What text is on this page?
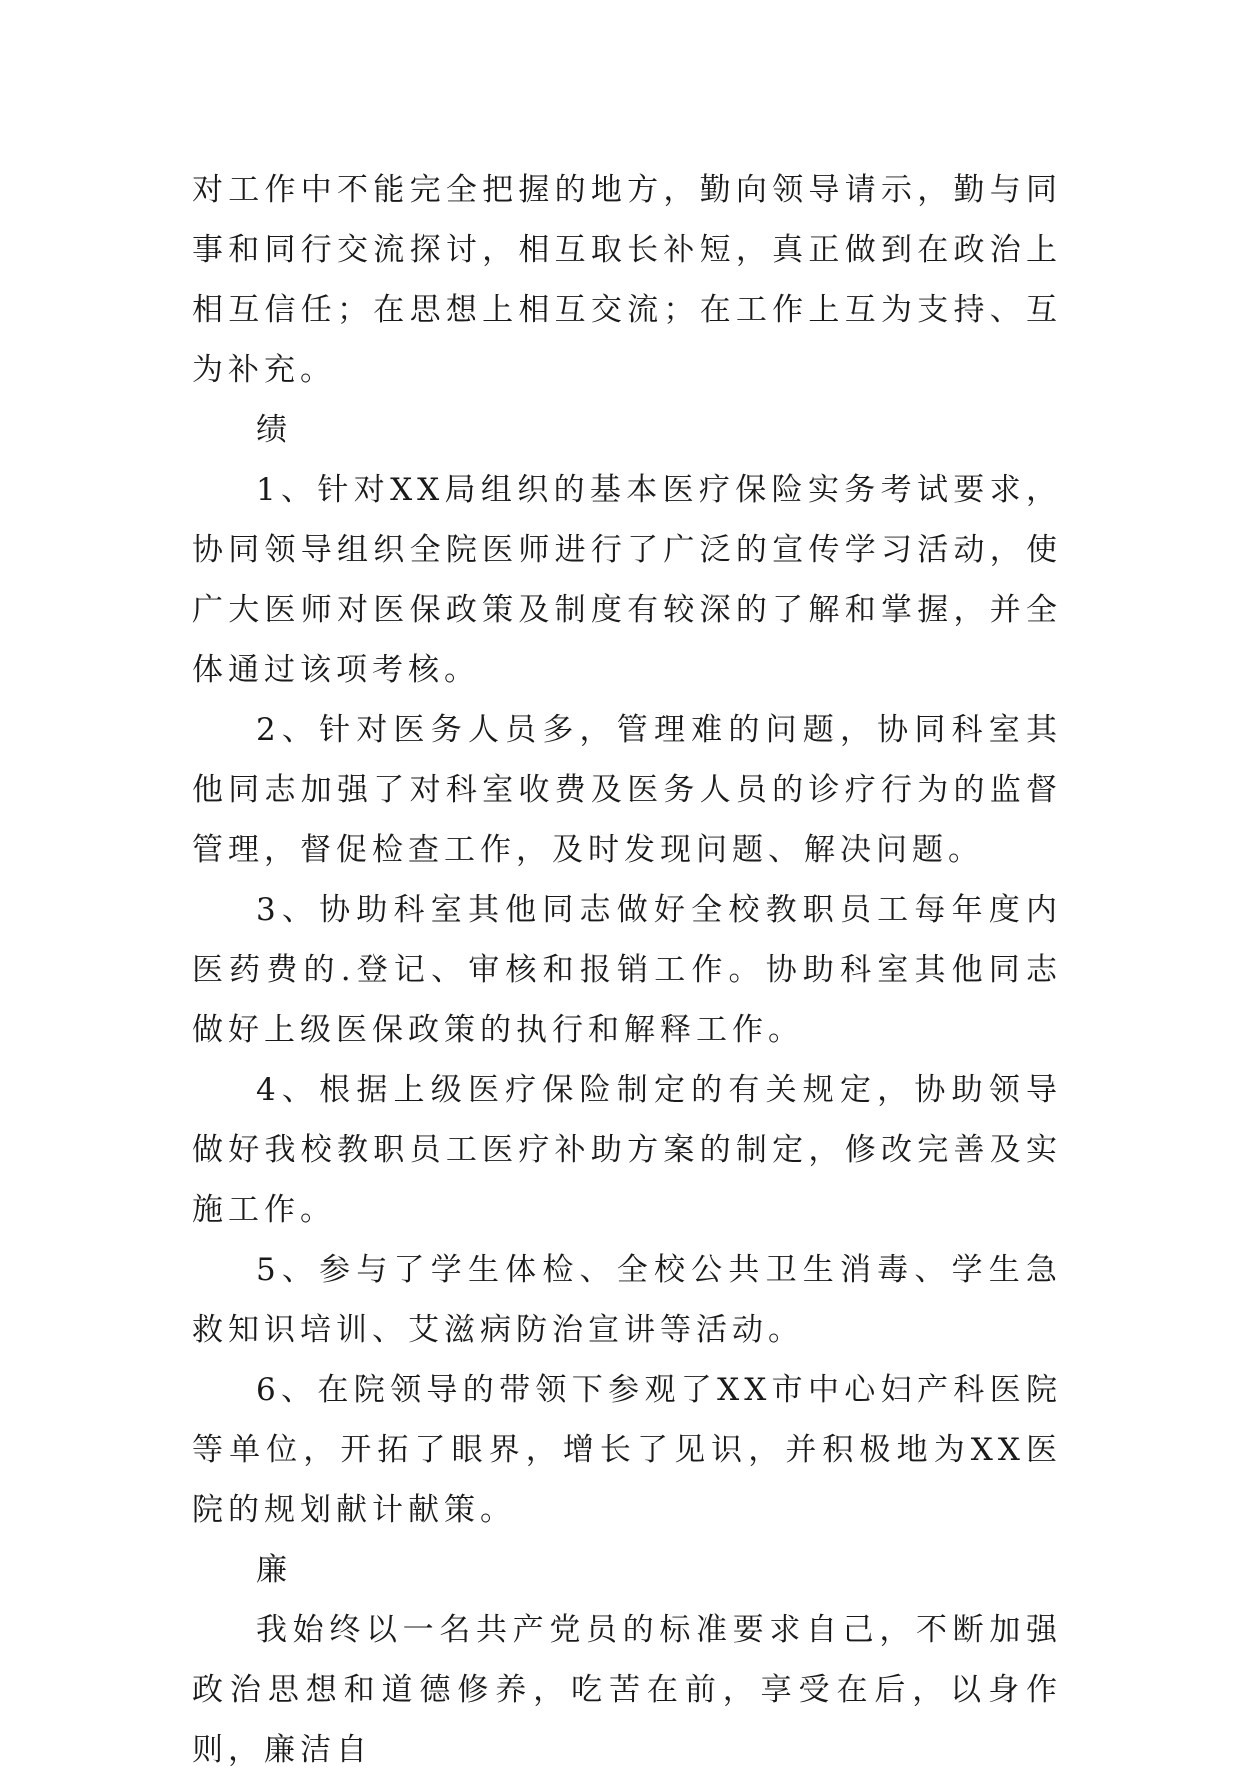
对工作中不能完全把握的地方，勤向领导请示，勤与同事和同行交流探讨，相互取长补短，真正做到在政治上相互信任；在思想上相互交流；在工作上互为支持、互为补充。

绩

1、针对XX局组织的基本医疗保险实务考试要求，协同领导组织全院医师进行了广泛的宣传学习活动，使广大医师对医保政策及制度有较深的了解和掌握，并全体通过该项考核。

2、针对医务人员多，管理难的问题，协同科室其他同志加强了对科室收费及医务人员的诊疗行为的监督管理，督促检查工作，及时发现问题、解决问题。

3、协助科室其他同志做好全校教职员工每年度内医药费的.登记、审核和报销工作。协助科室其他同志做好上级医保政策的执行和解释工作。

4、根据上级医疗保险制定的有关规定，协助领导做好我校教职员工医疗补助方案的制定，修改完善及实施工作。

5、参与了学生体检、全校公共卫生消毒、学生急救知识培训、艾滋病防治宣讲等活动。

6、在院领导的带领下参观了XX市中心妇产科医院等单位，开拓了眼界，增长了见识，并积极地为XX医院的规划献计献策。

廉

我始终以一名共产党员的标准要求自己，不断加强政治思想和道德修养，吃苦在前，享受在后，以身作则，廉洁自
